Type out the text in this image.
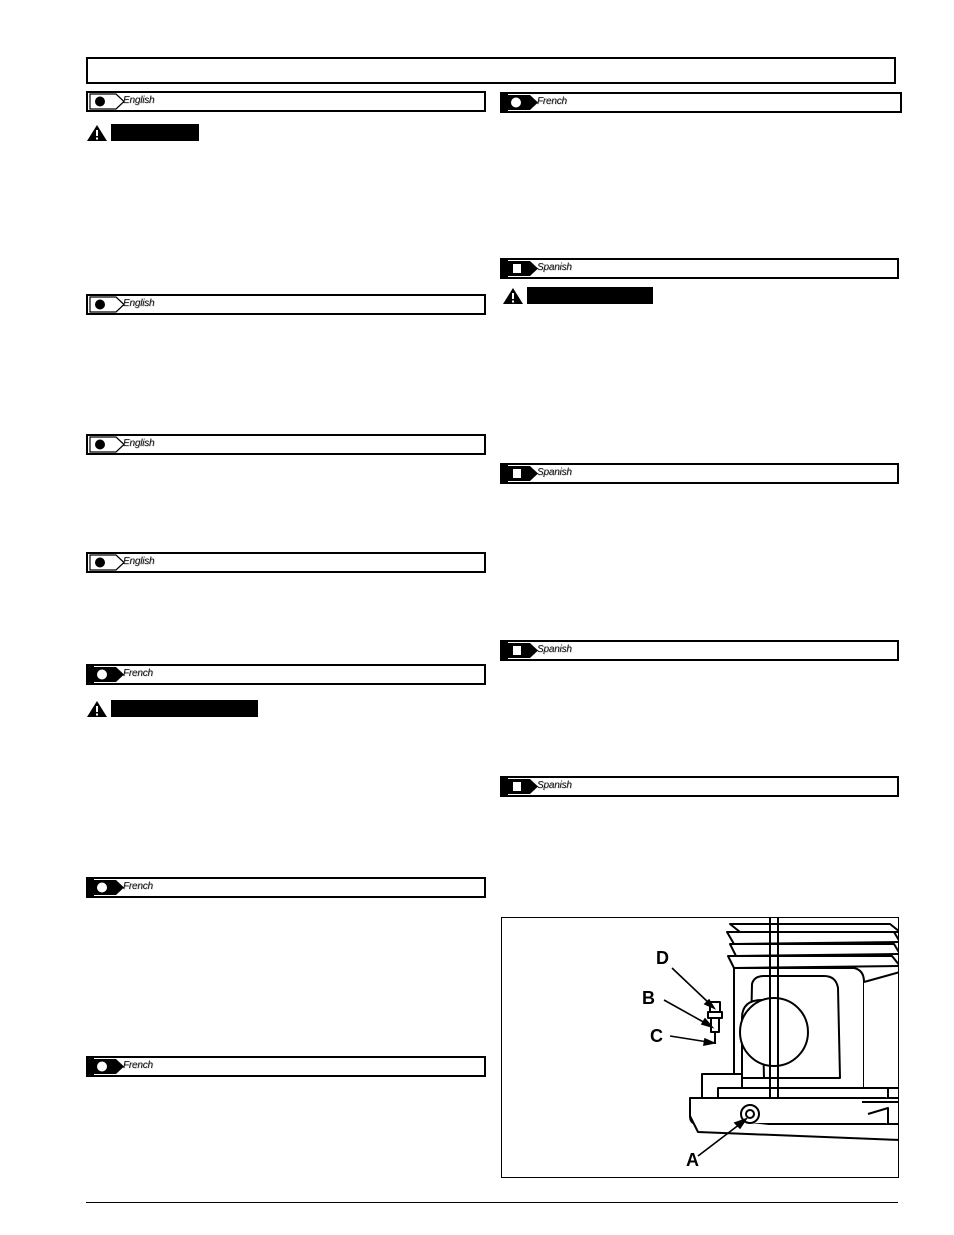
English
English
English
English
French
French
French
French
Spanish
Spanish
Spanish
Spanish
D
B
C
A
